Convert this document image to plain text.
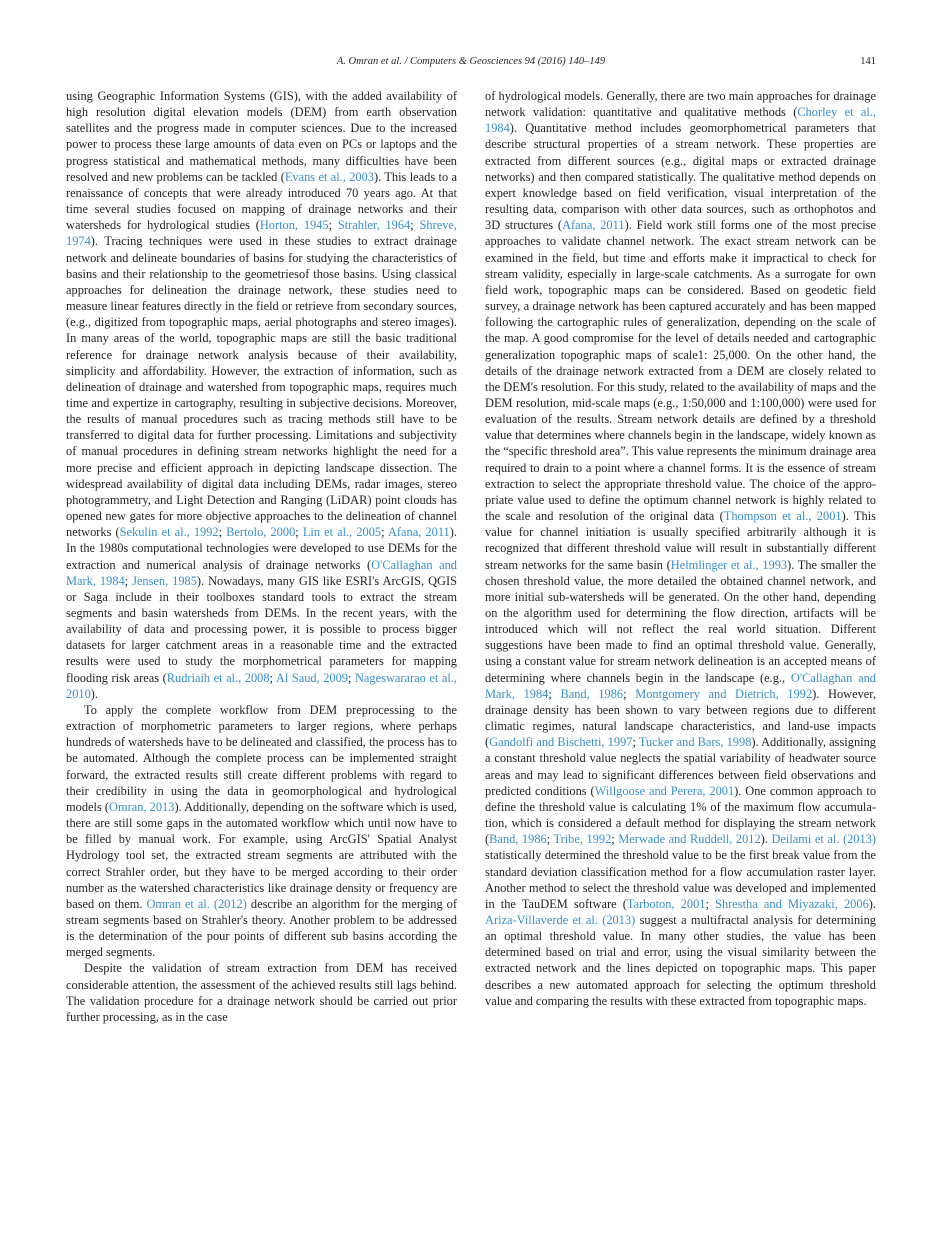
A. Omran et al. / Computers & Geosciences 94 (2016) 140–149	141

using Geographic Information Systems (GIS), with the added availability of high resolution digital elevation models (DEM) from earth observation satellites and the progress made in computer sciences. Due to the increased power to process these large amounts of data even on PCs or laptops and the progress statistical and mathematical methods, many difficulties have been resolved and new problems can be tackled (Evans et al., 2003). This leads to a renaissance of concepts that were already introduced 70 years ago. At that time several studies focused on mapping of drainage networks and their watersheds for hydrological studies (Horton, 1945; Strahler, 1964; Shreve, 1974). Tracing techniques were used in these studies to extract drainage network and delineate boundaries of basins for studying the characteristics of basins and their relationship to the geometriesof those basins. Using classical approaches for delineation the drainage network, these studies need to measure linear features directly in the field or retrieve from secondary sources, (e.g., digitized from topographic maps, aerial photographs and stereo images). In many areas of the world, topographic maps are still the basic traditional reference for drainage network analysis because of their availability, simplicity and affordability. However, the extraction of information, such as delineation of drainage and watershed from topographic maps, requires much time and expertize in cartography, resulting in subjective decisions. Moreover, the results of manual procedures such as tracing methods still have to be transferred to digital data for further processing. Limitations and subjectivity of manual procedures in defining stream networks highlight the need for a more precise and efficient approach in depicting landscape dissection. The widespread availability of digital data including DEMs, radar images, stereo photogrammetry, and Light Detection and Ranging (LiDAR) point clouds has opened new gates for more objective approaches to the delineation of channel networks (Sekulin et al., 1992; Bertolo, 2000; Lin et al., 2005; Afana, 2011). In the 1980s computational technologies were developed to use DEMs for the extraction and numerical analysis of drainage networks (O'Callaghan and Mark, 1984; Jensen, 1985). Nowadays, many GIS like ESRI's ArcGIS, QGIS or Saga include in their toolboxes standard tools to extract the stream segments and basin watersheds from DEMs. In the recent years, with the availability of data and processing power, it is possible to process bigger datasets for larger catchment areas in a reasonable time and the extracted results were used to study the morphometrical parameters for mapping flooding risk areas (Rudriaih et al., 2008; Al Saud, 2009; Nageswararao et al., 2010).

To apply the complete workflow from DEM preprocessing to the extraction of morphometric parameters to larger regions, where perhaps hundreds of watersheds have to be delineated and classified, the process has to be automated. Although the complete process can be implemented straight forward, the extracted results still create different problems with regard to their credibility in using the data in geomorphological and hydrological models (Omran, 2013). Additionally, depending on the software which is used, there are still some gaps in the automated workflow which until now have to be filled by manual work. For example, using ArcGIS' Spatial Analyst Hydrology tool set, the extracted stream segments are attributed with the correct Strahler order, but they have to be merged according to their order number as the watershed characteristics like drainage density or frequency are based on them. Omran et al. (2012) describe an algorithm for the merging of stream segments based on Strahler's theory. Another problem to be addressed is the determination of the pour points of different sub basins according the merged segments.

Despite the validation of stream extraction from DEM has received considerable attention, the assessment of the achieved results still lags behind. The validation procedure for a drainage network should be carried out prior further processing, as in the case

of hydrological models. Generally, there are two main approaches for drainage network validation: quantitative and qualitative methods (Chorley et al., 1984). Quantitative method includes geomorphometrical parameters that describe structural properties of a stream network. These properties are extracted from different sources (e.g., digital maps or extracted drainage networks) and then compared statistically. The qualitative method depends on expert knowledge based on field verification, visual interpretation of the resulting data, comparison with other data sources, such as orthophotos and 3D structures (Afana, 2011). Field work still forms one of the most precise approaches to validate channel network. The exact stream network can be examined in the field, but time and efforts make it impractical to check for stream validity, especially in large-scale catchments. As a surrogate for own field work, topographic maps can be considered. Based on geodetic field survey, a drainage network has been captured accurately and has been mapped following the cartographic rules of generalization, depending on the scale of the map. A good compromise for the level of details needed and cartographic generalization topographic maps of scale1: 25,000. On the other hand, the details of the drainage network extracted from a DEM are closely related to the DEM's resolution. For this study, related to the availability of maps and the DEM resolution, mid-scale maps (e.g., 1:50,000 and 1:100,000) were used for evaluation of the results. Stream network details are defined by a threshold value that determines where channels begin in the landscape, widely known as the “specific threshold area”. This value represents the minimum drainage area required to drain to a point where a channel forms. It is the essence of stream extraction to select the appropriate threshold value. The choice of the appropriate value used to define the optimum channel network is highly related to the scale and resolution of the original data (Thompson et al., 2001). This value for channel initiation is usually specified arbitrarily although it is recognized that different threshold value will result in substantially different stream networks for the same basin (Helmlinger et al., 1993). The smaller the chosen threshold value, the more detailed the obtained channel network, and more initial sub-watersheds will be generated. On the other hand, depending on the algorithm used for determining the flow direction, artifacts will be introduced which will not reflect the real world situation. Different suggestions have been made to find an optimal threshold value. Generally, using a constant value for stream network delineation is an accepted means of determining where channels begin in the landscape (e.g., O'Callaghan and Mark, 1984; Band, 1986; Montgomery and Dietrich, 1992). However, drainage density has been shown to vary between regions due to different climatic regimes, natural landscape characteristics, and land-use impacts (Gandolfi and Bischetti, 1997; Tucker and Bars, 1998). Additionally, assigning a constant threshold value neglects the spatial variability of headwater source areas and may lead to significant differences between field observations and predicted conditions (Willgoose and Perera, 2001). One common approach to define the threshold value is calculating 1% of the maximum flow accumulation, which is considered a default method for displaying the stream network (Band, 1986; Tribe, 1992; Merwade and Ruddell, 2012). Deilami et al. (2013) statistically determined the threshold value to be the first break value from the standard deviation classification method for a flow accumulation raster layer. Another method to select the threshold value was developed and implemented in the TauDEM software (Tarboton, 2001; Shrestha and Miyazaki, 2006). Ariza-Villaverde et al. (2013) suggest a multifractal analysis for determining an optimal threshold value. In many other studies, the value has been determined based on trial and error, using the visual similarity between the extracted network and the lines depicted on topographic maps. This paper describes a new automated approach for selecting the optimum threshold value and comparing the results with these extracted from topographic maps.
